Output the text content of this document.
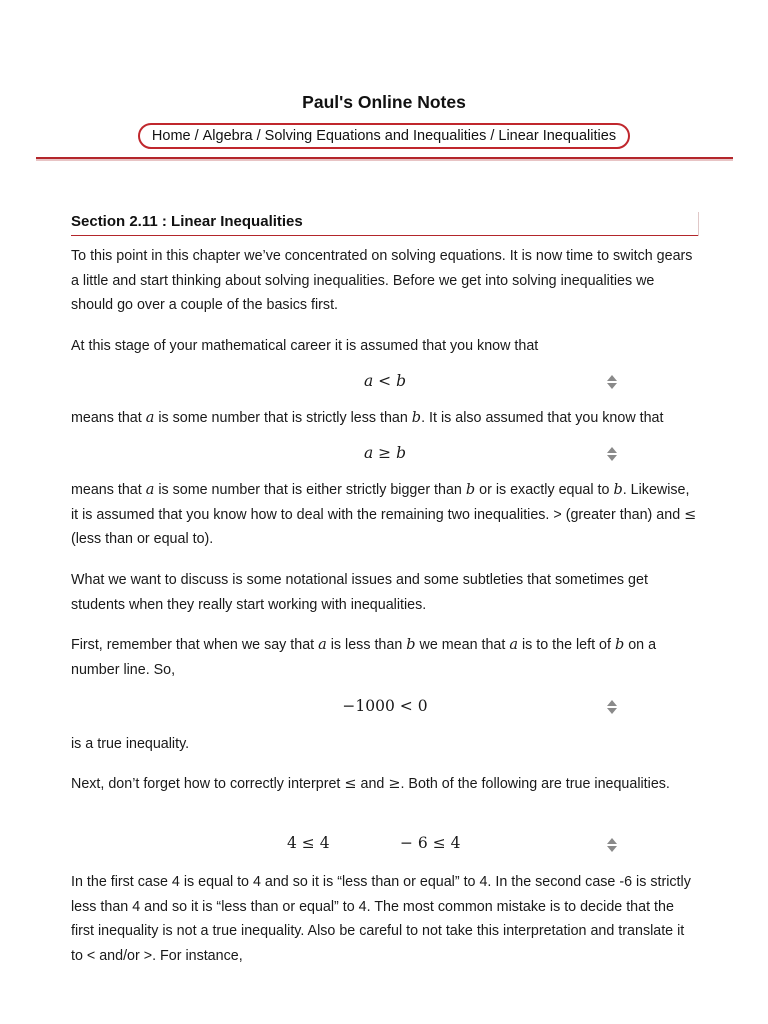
Paul's Online Notes
Home / Algebra / Solving Equations and Inequalities / Linear Inequalities
Section 2.11 : Linear Inequalities
To this point in this chapter we’ve concentrated on solving equations. It is now time to switch gears a little and start thinking about solving inequalities. Before we get into solving inequalities we should go over a couple of the basics first.
At this stage of your mathematical career it is assumed that you know that
a < b
means that a is some number that is strictly less than b. It is also assumed that you know that
a ≥ b
means that a is some number that is either strictly bigger than b or is exactly equal to b. Likewise, it is assumed that you know how to deal with the remaining two inequalities. > (greater than) and ≤ (less than or equal to).
What we want to discuss is some notational issues and some subtleties that sometimes get students when they really start working with inequalities.
First, remember that when we say that a is less than b we mean that a is to the left of b on a number line. So,
−1000 < 0
is a true inequality.
Next, don’t forget how to correctly interpret ≤ and ≥. Both of the following are true inequalities.
4 ≤ 4	− 6 ≤ 4
In the first case 4 is equal to 4 and so it is “less than or equal” to 4. In the second case -6 is strictly less than 4 and so it is “less than or equal” to 4. The most common mistake is to decide that the first inequality is not a true inequality. Also be careful to not take this interpretation and translate it to < and/or >. For instance,
